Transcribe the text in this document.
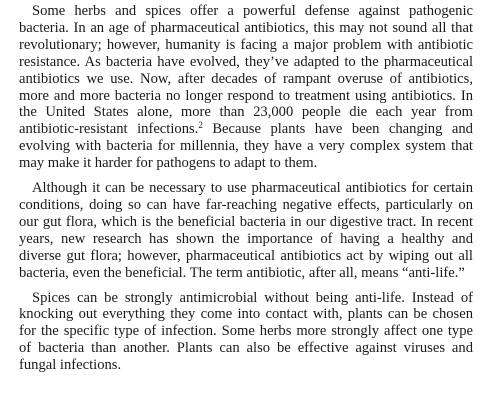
Some herbs and spices offer a powerful defense against pathogenic bacteria. In an age of pharmaceutical antibiotics, this may not sound all that revolutionary; however, humanity is facing a major problem with antibiotic resistance. As bacteria have evolved, they’ve adapted to the pharmaceutical antibiotics we use. Now, after decades of rampant overuse of antibiotics, more and more bacteria no longer respond to treatment using antibiotics. In the United States alone, more than 23,000 people die each year from antibiotic-resistant infections.$^2$ Because plants have been changing and evolving with bacteria for millennia, they have a very complex system that may make it harder for pathogens to adapt to them.

Although it can be necessary to use pharmaceutical antibiotics for certain conditions, doing so can have far-reaching negative effects, particularly on our gut flora, which is the beneficial bacteria in our digestive tract. In recent years, new research has shown the importance of having a healthy and diverse gut flora; however, pharmaceutical antibiotics act by wiping out all bacteria, even the beneficial. The term antibiotic, after all, means “anti-life.”

Spices can be strongly antimicrobial without being anti-life. Instead of knocking out everything they come into contact with, plants can be chosen for the specific type of infection. Some herbs more strongly affect one type of bacteria than another. Plants can also be effective against viruses and fungal infections.
